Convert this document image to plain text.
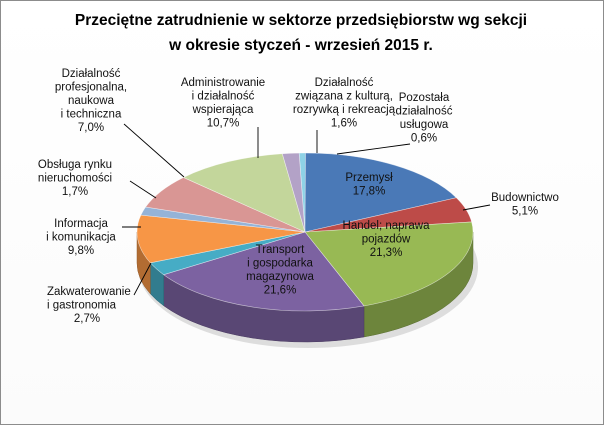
Przeciętne zatrudnienie w sektorze przedsiębiorstw wg sekcji
w okresie styczeń - wrzesień 2015 r.
Pozostała
działalność
usługowa
0,6%
Przemysł
17,8%
Budownictwo
5,1%
Handel; naprawa
pojazdów
21,3%
Transport
i gospodarka
magazynowa
21,6%
Zakwaterowanie
i gastronomia
2,7%
Informacja
i komunikacja
9,8%
Obsługa rynku
nieruchomości
1,7%
Działalność
profesjonalna,
naukowa
i techniczna
7,0%
Administrowanie
i działalność
wspierająca
10,7%
Działalność
związana z kulturą,
rozrywką i rekreacją
1,6%
